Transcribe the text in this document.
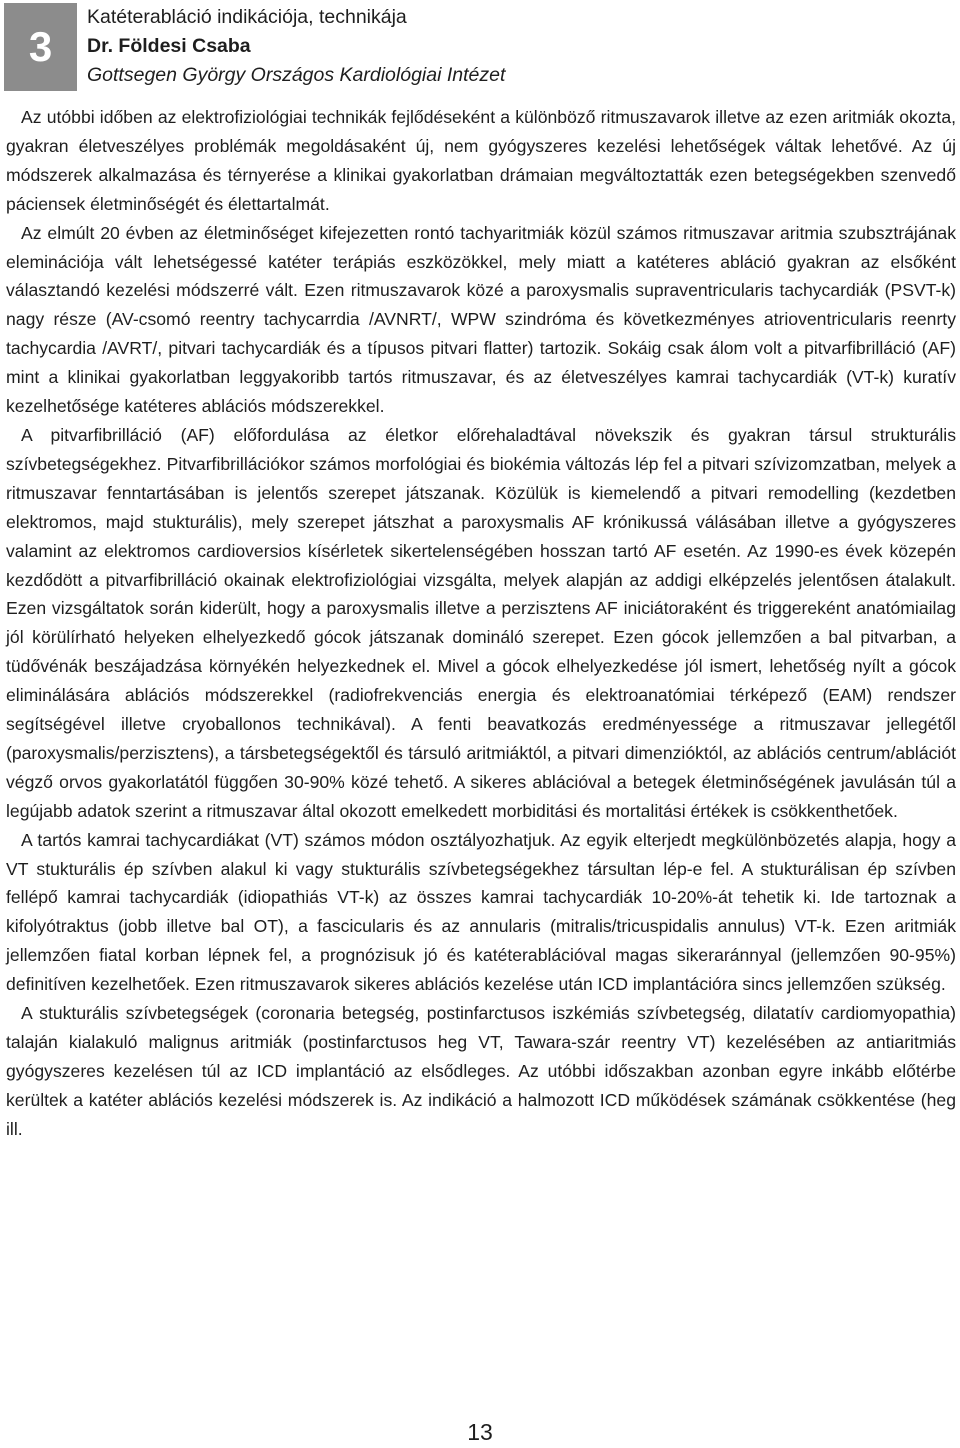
3
Katéterabláció indikációja, technikája
Dr. Földesi Csaba
Gottsegen György Országos Kardiológiai Intézet

Az utóbbi időben az elektrofiziológiai technikák fejlődéseként a különböző ritmuszavarok illetve az ezen aritmiák okozta, gyakran életveszélyes problémák megoldásaként új, nem gyógyszeres kezelési lehetőségek váltak lehetővé. Az új módszerek alkalmazása és térnyerése a klinikai gyakorlatban drámaian megváltoztatták ezen betegségekben szenvedő páciensek életminőségét és élettartalmát.

Az elmúlt 20 évben az életminőséget kifejezetten rontó tachyaritmiák közül számos ritmuszavar aritmia szubsztrájának eleminációja vált lehetségessé katéter terápiás eszközökkel, mely miatt a katéteres abláció gyakran az elsőként választandó kezelési módszerré vált. Ezen ritmuszavarok közé a paroxysmalis supraventricularis tachycardiák (PSVT-k) nagy része (AV-csomó reentry tachycarrdia /AVNRT/, WPW szindróma és következményes atrioventricularis reenrty tachycardia /AVRT/, pitvari tachycardiák és a típusos pitvari flatter) tartozik. Sokáig csak álom volt a pitvarfibrilláció (AF) mint a klinikai gyakorlatban leggyakoribb tartós ritmuszavar, és az életveszélyes kamrai tachycardiák (VT-k) kuratív kezelhetősége katéteres ablációs módszerekkel.

A pitvarfibrilláció (AF) előfordulása az életkor előrehaladtával növekszik és gyakran társul strukturális szívbetegségekhez. Pitvarfibrillációkor számos morfológiai és biokémia változás lép fel a pitvari szívizomzatban, melyek a ritmuszavar fenntartásában is jelentős szerepet játszanak. Közülük is kiemelendő a pitvari remodelling (kezdetben elektromos, majd stukturális), mely szerepet játszhat a paroxysmalis AF krónikussá válásában illetve a gyógyszeres valamint az elektromos cardioversios kísérletek sikertelenségében hosszan tartó AF esetén. Az 1990-es évek közepén kezdődött a pitvarfibrilláció okainak elektrofiziológiai vizsgálta, melyek alapján az addigi elképzelés jelentősen átalakult. Ezen vizsgáltatok során kiderült, hogy a paroxysmalis illetve a perzisztens AF iniciátoraként és triggereként anatómiailag jól körülírható helyeken elhelyezkedő gócok játszanak domináló szerepet. Ezen gócok jellemzően a bal pitvarban, a tüdővénák beszájadzása környékén helyezkednek el. Mivel a gócok elhelyezkedése jól ismert, lehetőség nyílt a gócok eliminálására ablációs módszerekkel (radiofrekvenciás energia és elektroanatómiai térképező (EAM) rendszer segítségével illetve cryoballonos technikával). A fenti beavatkozás eredményessége a ritmuszavar jellegétől (paroxysmalis/perzisztens), a társbetegségektől és társuló aritmiáktól, a pitvari dimenzióktól, az ablációs centrum/ablációt végző orvos gyakorlatától függően 30-90% közé tehető. A sikeres ablációval a betegek életminőségének javulásán túl a legújabb adatok szerint a ritmuszavar által okozott emelkedett morbiditási és mortalitási értékek is csökkenthetőek.

A tartós kamrai tachycardiákat (VT) számos módon osztályozhatjuk. Az egyik elterjedt megkülönbözetés alapja, hogy a VT stukturális ép szívben alakul ki vagy stukturális szívbetegségekhez társultan lép-e fel. A stukturálisan ép szívben fellépő kamrai tachycardiák (idiopathiás VT-k) az összes kamrai tachycardiák 10-20%-át tehetik ki. Ide tartoznak a kifolyótraktus (jobb illetve bal OT), a fascicularis és az annularis (mitralis/tricuspidalis annulus) VT-k. Ezen aritmiák jellemzően fiatal korban lépnek fel, a prognózisuk jó és katéterablációval magas sikeraránnyal (jellemzően 90-95%) definitíven kezelhetőek. Ezen ritmuszavarok sikeres ablációs kezelése után ICD implantációra sincs jellemzően szükség.

A stukturális szívbetegségek (coronaria betegség, postinfarctusos iszkémiás szívbetegség, dilatatív cardiomyopathia) talaján kialakuló malignus aritmiák (postinfarctusos heg VT, Tawara-szár reentry VT) kezelésében az antiaritmiás gyógyszeres kezelésen túl az ICD implantáció az elsődleges. Az utóbbi időszakban azonban egyre inkább előtérbe kerültek a katéter ablációs kezelési módszerek is. Az indikáció a halmozott ICD működések számának csökkentése (heg ill.

13
